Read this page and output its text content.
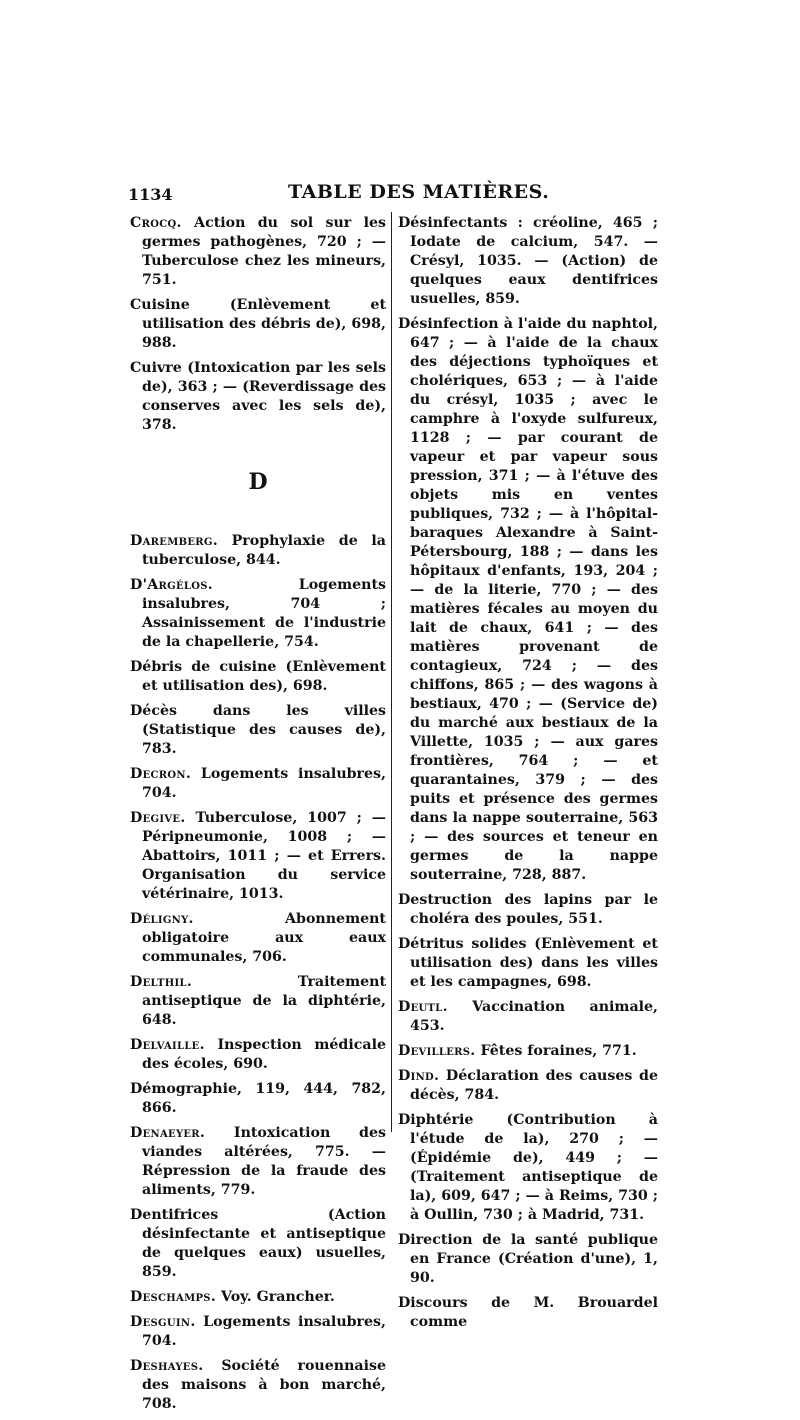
1134	TABLE DES MATIÈRES.

Crocq. Action du sol sur les germes pathogènes, 720 ; — Tuberculose chez les mineurs, 751.

Cuisine (Enlèvement et utilisation des débris de), 698, 988.

Cuivre (Intoxication par les sels de), 363 ; — (Reverdissage des conserves avec les sels de), 378.

D

Daremberg. Prophylaxie de la tuberculose, 844.

D'Argélos. Logements insalubres, 704 ; Assainissement de l'industrie de la chapellerie, 754.

Débris de cuisine (Enlèvement et utilisation des), 698.

Décès dans les villes (Statistique des causes de), 783.

Decron. Logements insalubres, 704.

Degive. Tuberculose, 1007 ; — Péripneumonie, 1008 ; — Abattoirs, 1011 ; — et Errers. Organisation du service vétérinaire, 1013.

Déligny. Abonnement obligatoire aux eaux communales, 706.

Delthil. Traitement antiseptique de la diphtérie, 648.

Delvaille. Inspection médicale des écoles, 690.

Démographie, 119, 444, 782, 866.

Denaeyer. Intoxication des viandes altérées, 775. — Répression de la fraude des aliments, 779.

Dentifrices (Action désinfectante et antiseptique de quelques eaux) usuelles, 859.

Deschamps. Voy. Grancher.

Desguin. Logements insalubres, 704.

Deshayes. Société rouennaise des maisons à bon marché, 708.

Désinfectants : créoline, 465 ; Iodate de calcium, 547. — Crésyl, 1035. — (Action) de quelques eaux dentifrices usuelles, 859.

Désinfection à l'aide du naphtol, 647 ; — à l'aide de la chaux des déjections typhoïques et cholériques, 653 ; — à l'aide du crésyl, 1035 ; avec le camphre à l'oxyde sulfureux, 1128 ; — par courant de vapeur et par vapeur sous pression, 371 ; — à l'étuve des objets mis en ventes publiques, 732 ; — à l'hôpital-baraques Alexandre à Saint-Pétersbourg, 188 ; — dans les hôpitaux d'enfants, 193, 204 ; — de la literie, 770 ; — des matières fécales au moyen du lait de chaux, 641 ; — des matières provenant de contagieux, 724 ; — des chiffons, 865 ; — des wagons à bestiaux, 470 ; — (Service de) du marché aux bestiaux de la Villette, 1035 ; — aux gares frontières, 764 ; — et quarantaines, 379 ; — des puits et présence des germes dans la nappe souterraine, 563 ; — des sources et teneur en germes de la nappe souterraine, 728, 887.

Destruction des lapins par le choléra des poules, 551.

Détritus solides (Enlèvement et utilisation des) dans les villes et les campagnes, 698.

Deutl. Vaccination animale, 453.

Devillers. Fêtes foraines, 771.

Dind. Déclaration des causes de décès, 784.

Diphtérie (Contribution à l'étude de la), 270 ; — (Épidémie de), 449 ; — (Traitement antiseptique de la), 609, 647 ; — à Reims, 730 ; à Oullin, 730 ; à Madrid, 731.

Direction de la santé publique en France (Création d'une), 1, 90.

Discours de M. Brouardel comme
